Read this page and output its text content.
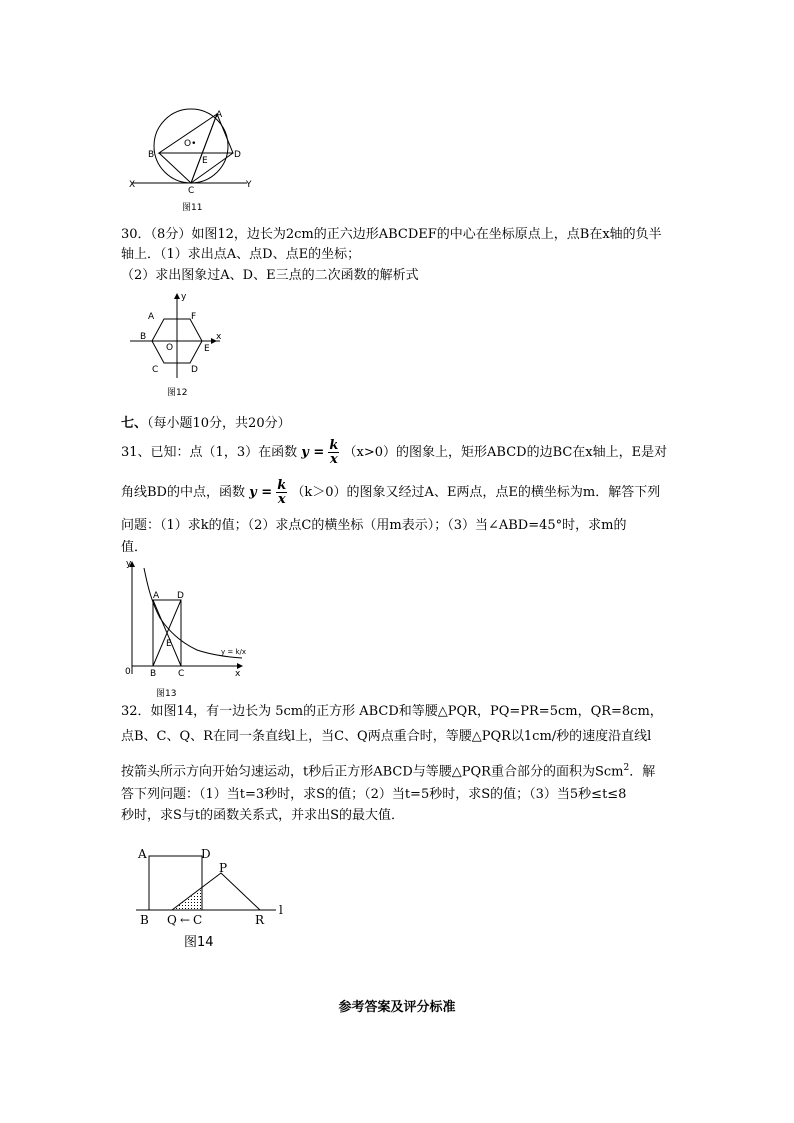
A
B	D
E
O•
C
X	Y
图11
30．（8分）如图12，边长为2cm的正六边形ABCDEF的中心在坐标原点上，点B在x轴的负半
轴上．（1）求出点A、点D、点E的坐标；
（2）求出图象过A、D、E三点的二次函数的解析式
y
A	F
B	x
O	E
C	D
图12
七、（每小题10分，共20分）
31、已知：点（1，3）在函数 $y = \frac{k}{x} (x>0)$的图象上，矩形ABCD的边BC在x轴上，E是对
角线BD的中点，函数 $y = \frac{k}{x} (k>0)$的图象又经过A、E两点，点E的横坐标为m．解答下列
问题：（1）求k的值；（2）求点C的横坐标（用m表示）；（3）当∠ABD=45°时，求m的
值．
y
A D
E
0 B C	x
y = k/x
图13
32．如图14，有一边长为 5cm的正方形 ABCD和等腰△PQR，PQ=PR=5cm，QR=8cm，
点B、C、Q、R在同一条直线l上，当C、Q两点重合时，等腰△PQR以1cm/秒的速度沿直线l
按箭头所示方向开始匀速运动，t秒后正方形ABCD与等腰△PQR重合部分的面积为Scm$^2$．解
答下列问题：（1）当t=3秒时，求S的值；（2）当t=5秒时，求S的值；（3）当5秒≤t≤8
秒时，求S与t的函数关系式，并求出S的最大值．
A	D
P
B Q ← C	R
l
图14
参考答案及评分标准
